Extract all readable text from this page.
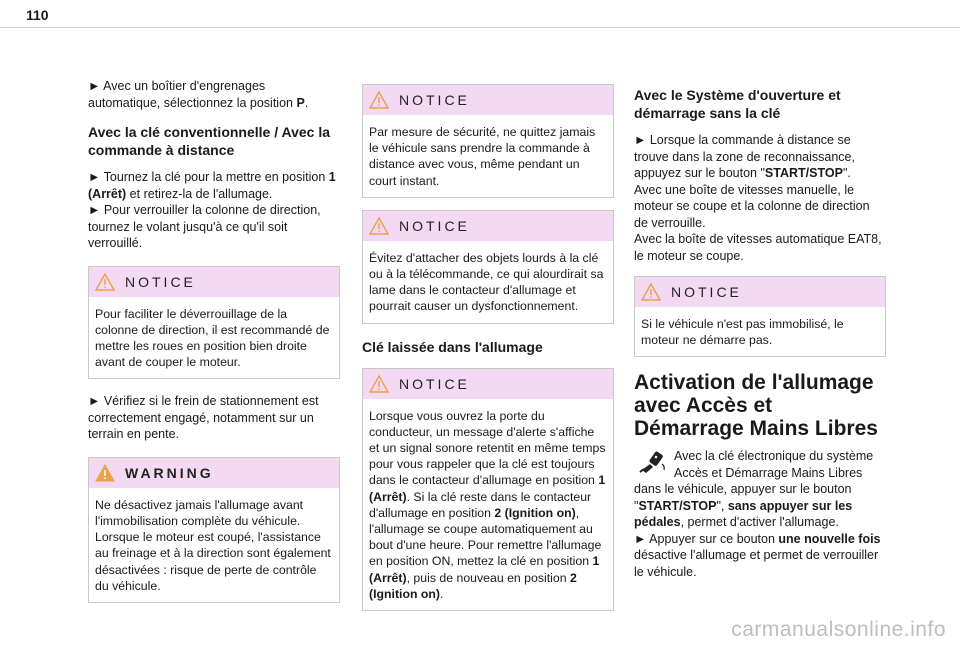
110

► Avec un boîtier d'engrenages automatique, sélectionnez la position P.

Avec la clé conventionnelle / Avec la commande à distance

► Tournez la clé pour la mettre en position 1 (Arrêt) et retirez-la de l'allumage.

► Pour verrouiller la colonne de direction, tournez le volant jusqu'à ce qu'il soit verrouillé.

NOTICE

Pour faciliter le déverrouillage de la colonne de direction, il est recommandé de mettre les roues en position bien droite avant de couper le moteur.

► Vérifiez si le frein de stationnement est correctement engagé, notamment sur un terrain en pente.

WARNING

Ne désactivez jamais l'allumage avant l'immobilisation complète du véhicule. Lorsque le moteur est coupé, l'assistance au freinage et à la direction sont également désactivées : risque de perte de contrôle du véhicule.

NOTICE

Par mesure de sécurité, ne quittez jamais le véhicule sans prendre la commande à distance avec vous, même pendant un court instant.

NOTICE

Évitez d'attacher des objets lourds à la clé ou à la télécommande, ce qui alourdirait sa lame dans le contacteur d'allumage et pourrait causer un dysfonctionnement.

Clé laissée dans l'allumage
NOTICE

Lorsque vous ouvrez la porte du conducteur, un message d'alerte s'affiche et un signal sonore retentit en même temps pour vous rappeler que la clé est toujours dans le contacteur d'allumage en position 1 (Arrêt). Si la clé reste dans le contacteur d'allumage en position 2 (Ignition on), l'allumage se coupe automatiquement au bout d'une heure. Pour remettre l'allumage en position ON, mettez la clé en position 1 (Arrêt), puis de nouveau en position 2 (Ignition on).

Avec le Système d'ouverture et démarrage sans la clé

► Lorsque la commande à distance se trouve dans la zone de reconnaissance, appuyez sur le bouton "START/STOP".

Avec une boîte de vitesses manuelle, le moteur se coupe et la colonne de direction de verrouille.

Avec la boîte de vitesses automatique EAT8, le moteur se coupe.

NOTICE

Si le véhicule n'est pas immobilisé, le moteur ne démarre pas.

Activation de l'allumage avec Accès et Démarrage Mains Libres

Avec la clé électronique du système Accès et Démarrage Mains Libres dans le véhicule, appuyer sur le bouton "START/STOP", sans appuyer sur les pédales, permet d'activer l'allumage.

► Appuyer sur ce bouton une nouvelle fois désactive l'allumage et permet de verrouiller le véhicule.

carmanualsonline.info
